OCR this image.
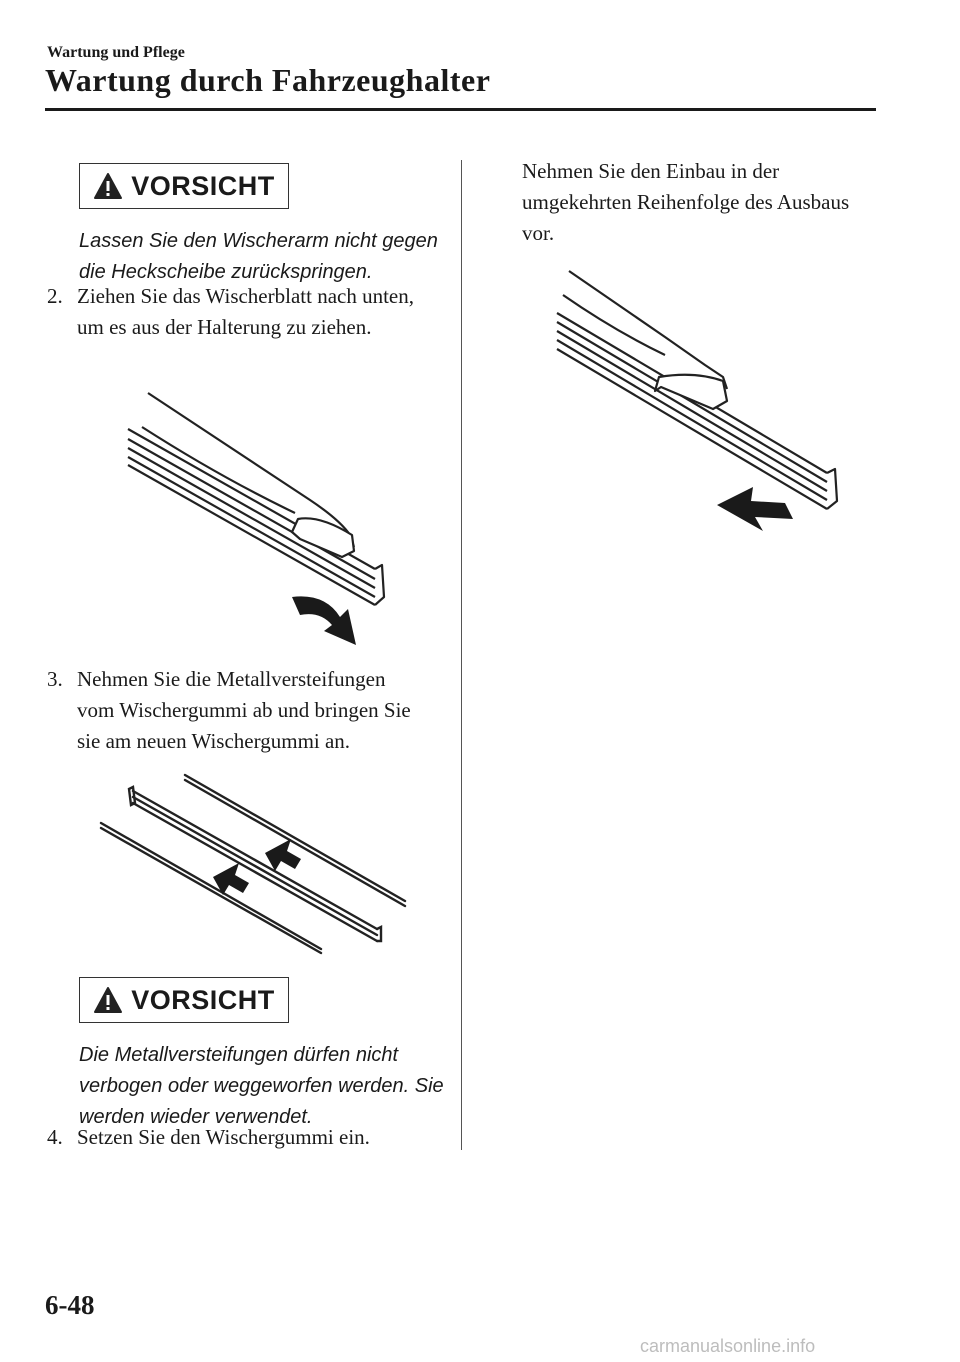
Wartung und Pflege
Wartung durch Fahrzeughalter
VORSICHT
Lassen Sie den Wischerarm nicht gegen die Heckscheibe zurückspringen.
2. Ziehen Sie das Wischerblatt nach unten, um es aus der Halterung zu ziehen.
3. Nehmen Sie die Metallversteifungen vom Wischergummi ab und bringen Sie sie am neuen Wischergummi an.
VORSICHT
Die Metallversteifungen dürfen nicht verbogen oder weggeworfen werden. Sie werden wieder verwendet.
4. Setzen Sie den Wischergummi ein.
Nehmen Sie den Einbau in der umgekehrten Reihenfolge des Ausbaus vor.
6-48
carmanualsonline.info
